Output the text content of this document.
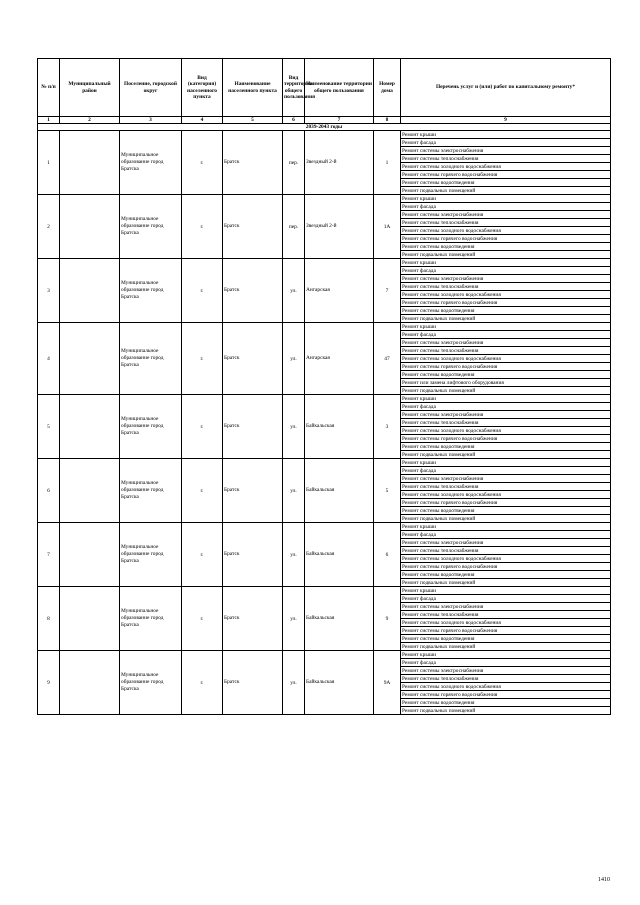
№ п/п	Муниципальный район	Поселение, городской округ	Вид (категория) населенного пункта	Наименование населенного пункта	Вид территории общего пользования	Наименование территории общего пользования	Номер дома	Перечень услуг и (или) работ по капитальному ремонту*
1	2	3	4	5	6	7	8	9
2039-2043 годы								
1		Муниципальное образование город Братска	г.	Братск	пер.	Звездный 2-й	1	Ремонт крыши
								Ремонт фасада
								Ремонт системы электроснабжения
								Ремонт системы теплоснабжения
								Ремонт системы холодного водоснабжения
								Ремонт системы горячего водоснабжения
								Ремонт системы водоотведения
								Ремонт подвальных помещений
2		Муниципальное образование город Братска	г.	Братск	пер.	Звездный 2-й	1А	Ремонт крыши
								Ремонт фасада
								Ремонт системы электроснабжения
								Ремонт системы теплоснабжения
								Ремонт системы холодного водоснабжения
								Ремонт системы горячего водоснабжения
								Ремонт системы водоотведения
								Ремонт подвальных помещений
3		Муниципальное образование город Братска	г.	Братск	ул.	Ангарская	7	Ремонт крыши
								Ремонт фасада
								Ремонт системы электроснабжения
								Ремонт системы теплоснабжения
								Ремонт системы холодного водоснабжения
								Ремонт системы горячего водоснабжения
								Ремонт системы водоотведения
								Ремонт подвальных помещений
4		Муниципальное образование город Братска	г.	Братск	ул.	Ангарская	47	Ремонт крыши
								Ремонт фасада
								Ремонт системы электроснабжения
								Ремонт системы теплоснабжения
								Ремонт системы холодного водоснабжения
								Ремонт системы горячего водоснабжения
								Ремонт системы водоотведения
								Ремонт или замена лифтового оборудования
								Ремонт подвальных помещений
5		Муниципальное образование город Братска	г.	Братск	ул.	Байкальская	3	Ремонт крыши
								Ремонт фасада
								Ремонт системы электроснабжения
								Ремонт системы теплоснабжения
								Ремонт системы холодного водоснабжения
								Ремонт системы горячего водоснабжения
								Ремонт системы водоотведения
								Ремонт подвальных помещений
6		Муниципальное образование город Братска	г.	Братск	ул.	Байкальская	5	Ремонт крыши
								Ремонт фасада
								Ремонт системы электроснабжения
								Ремонт системы теплоснабжения
								Ремонт системы холодного водоснабжения
								Ремонт системы горячего водоснабжения
								Ремонт системы водоотведения
								Ремонт подвальных помещений
7		Муниципальное образование город Братска	г.	Братск	ул.	Байкальская	6	Ремонт крыши
								Ремонт фасада
								Ремонт системы электроснабжения
								Ремонт системы теплоснабжения
								Ремонт системы холодного водоснабжения
								Ремонт системы горячего водоснабжения
								Ремонт системы водоотведения
								Ремонт подвальных помещений
8		Муниципальное образование город Братска	г.	Братск	ул.	Байкальская	9	Ремонт крыши
								Ремонт фасада
								Ремонт системы электроснабжения
								Ремонт системы теплоснабжения
								Ремонт системы холодного водоснабжения
								Ремонт системы горячего водоснабжения
								Ремонт системы водоотведения
								Ремонт подвальных помещений
9		Муниципальное образование город Братска	г.	Братск	ул.	Байкальская	9А	Ремонт крыши
								Ремонт фасада
								Ремонт системы электроснабжения
								Ремонт системы теплоснабжения
								Ремонт системы холодного водоснабжения
								Ремонт системы горячего водоснабжения
								Ремонт системы водоотведения
								Ремонт подвальных помещений
1410
